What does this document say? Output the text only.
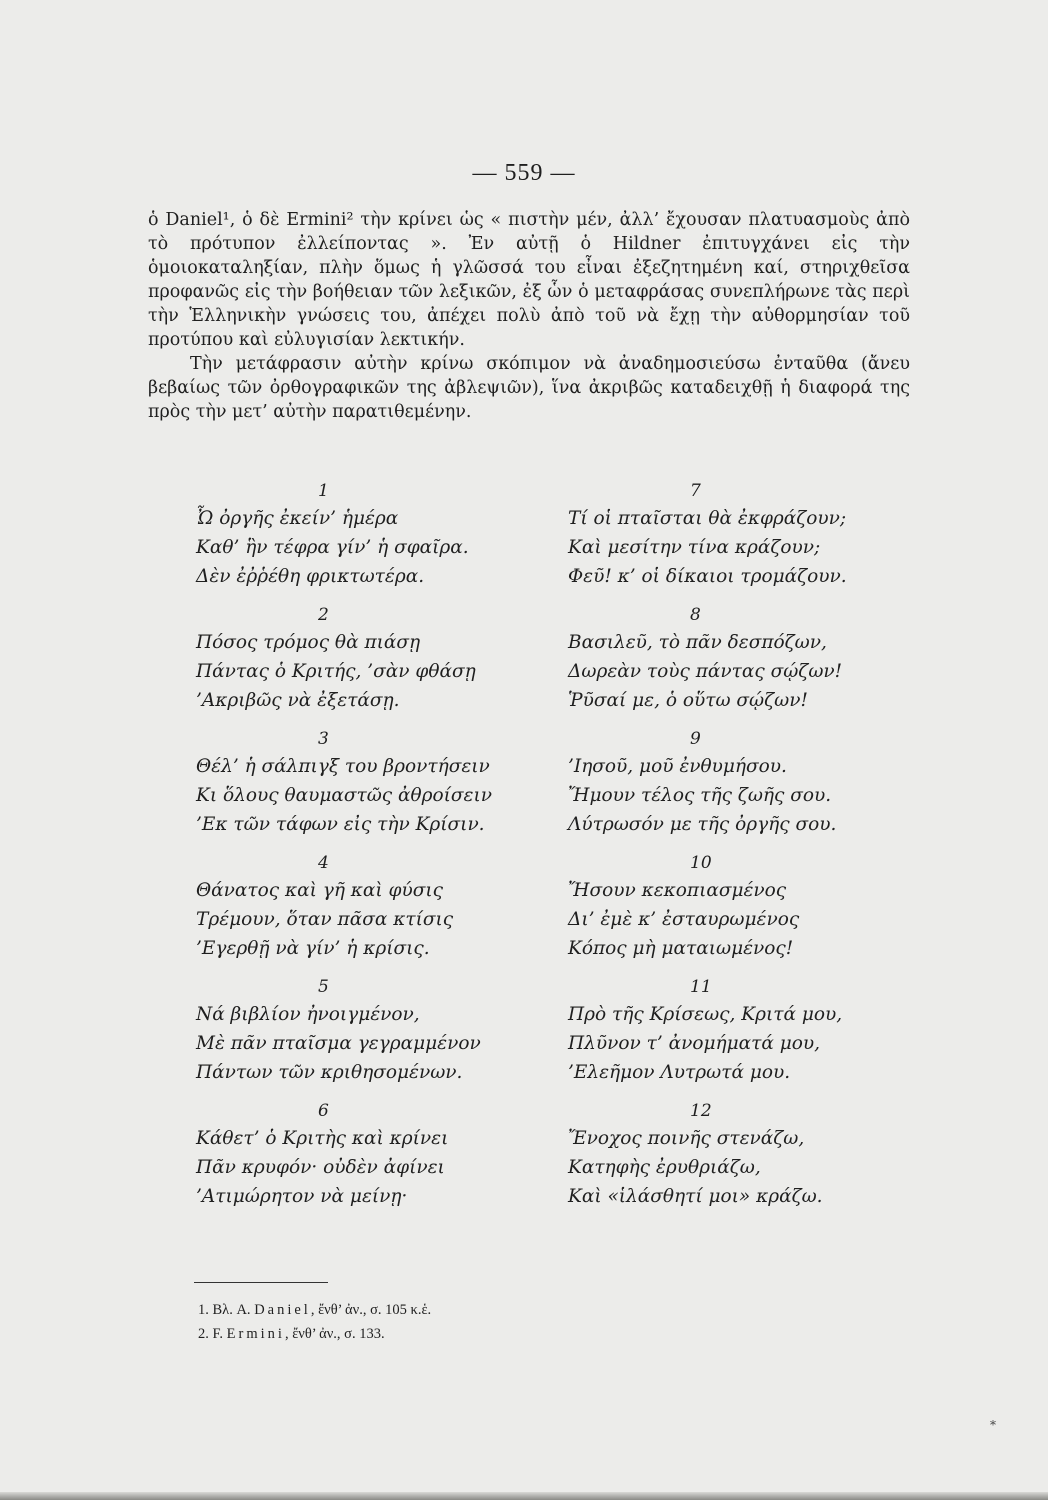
— 559 —

ὁ Daniel¹, ὁ δὲ Ermini² τὴν κρίνει ὡς « πιστὴν μέν, ἀλλ’ ἔχουσαν πλατυασμοὺς ἀπὸ τὸ πρότυπον ἐλλείποντας ». Ἐν αὐτῇ ὁ Hildner ἐπιτυγχάνει εἰς τὴν ὁμοιοκαταληξίαν, πλὴν ὅμως ἡ γλῶσσά του εἶναι ἐξεζητημένη καί, στηριχθεῖσα προφανῶς εἰς τὴν βοήθειαν τῶν λεξικῶν, ἐξ ὧν ὁ μεταφράσας συνεπλήρωνε τὰς περὶ τὴν Ἑλληνικὴν γνώσεις του, ἀπέχει πολὺ ἀπὸ τοῦ νὰ ἔχῃ τὴν αὐθορμησίαν τοῦ προτύπου καὶ εὐλυγισίαν λεκτικήν.

Τὴν μετάφρασιν αὐτὴν κρίνω σκόπιμον νὰ ἀναδημοσιεύσω ἐνταῦθα (ἄνευ βεβαίως τῶν ὀρθογραφικῶν της ἀβλεψιῶν), ἵνα ἀκριβῶς καταδειχθῇ ἡ διαφορά της πρὸς τὴν μετ’ αὐτὴν παρατιθεμένην.

1
Ὦ ὀργῆς ἐκείν’ ἡμέρα
Καθ’ ἣν τέφρα γίν’ ἡ σφαῖρα.
Δὲν ἐῤῥέθη φρικτωτέρα.
2
Πόσος τρόμος θὰ πιάσῃ
Πάντας ὁ Κριτής, ’σὰν φθάσῃ
’Ακριβῶς νὰ ἐξετάσῃ.
3
Θέλ’ ἡ σάλπιγξ του βροντήσειν
Κι ὅλους θαυμαστῶς ἀθροίσειν
’Εκ τῶν τάφων εἰς τὴν Κρίσιν.
4
Θάνατος καὶ γῆ καὶ φύσις
Τρέμουν, ὅταν πᾶσα κτίσις
’Εγερθῇ νὰ γίν’ ἡ κρίσις.
5
Νά βιβλίον ἠνοιγμένον,
Μὲ πᾶν πταῖσμα γεγραμμένον
Πάντων τῶν κριθησομένων.
6
Κάθετ’ ὁ Κριτὴς καὶ κρίνει
Πᾶν κρυφόν· οὐδὲν ἀφίνει
’Ατιμώρητον νὰ μείνῃ·
7
Τί οἱ πταῖσται θὰ ἐκφράζουν;
Καὶ μεσίτην τίνα κράζουν;
Φεῦ! κ’ οἱ δίκαιοι τρομάζουν.
8
Βασιλεῦ, τὸ πᾶν δεσπόζων,
Δωρεὰν τοὺς πάντας σῴζων!
Ῥῦσαί με, ὁ οὕτω σῴζων!
9
’Ιησοῦ, μοῦ ἐνθυμήσου.
Ἤμουν τέλος τῆς ζωῆς σου.
Λύτρωσόν με τῆς ὀργῆς σου.
10
Ἤσουν κεκοπιασμένος
Δι’ ἐμὲ κ’ ἐσταυρωμένος
Κόπος μὴ ματαιωμένος!
11
Πρὸ τῆς Κρίσεως, Κριτά μου,
Πλῦνον τ’ ἀνομήματά μου,
’Ελεῆμον Λυτρωτά μου.
12
Ἔνοχος ποινῆς στενάζω,
Κατηφὴς ἐρυθριάζω,
Καὶ «ἱλάσθητί μοι» κράζω.
1. Βλ. A. Daniel, ἔνθ’ ἀν., σ. 105 κ.ἑ.
2. F. Ermini, ἔνθ’ ἀν., σ. 133.
*
